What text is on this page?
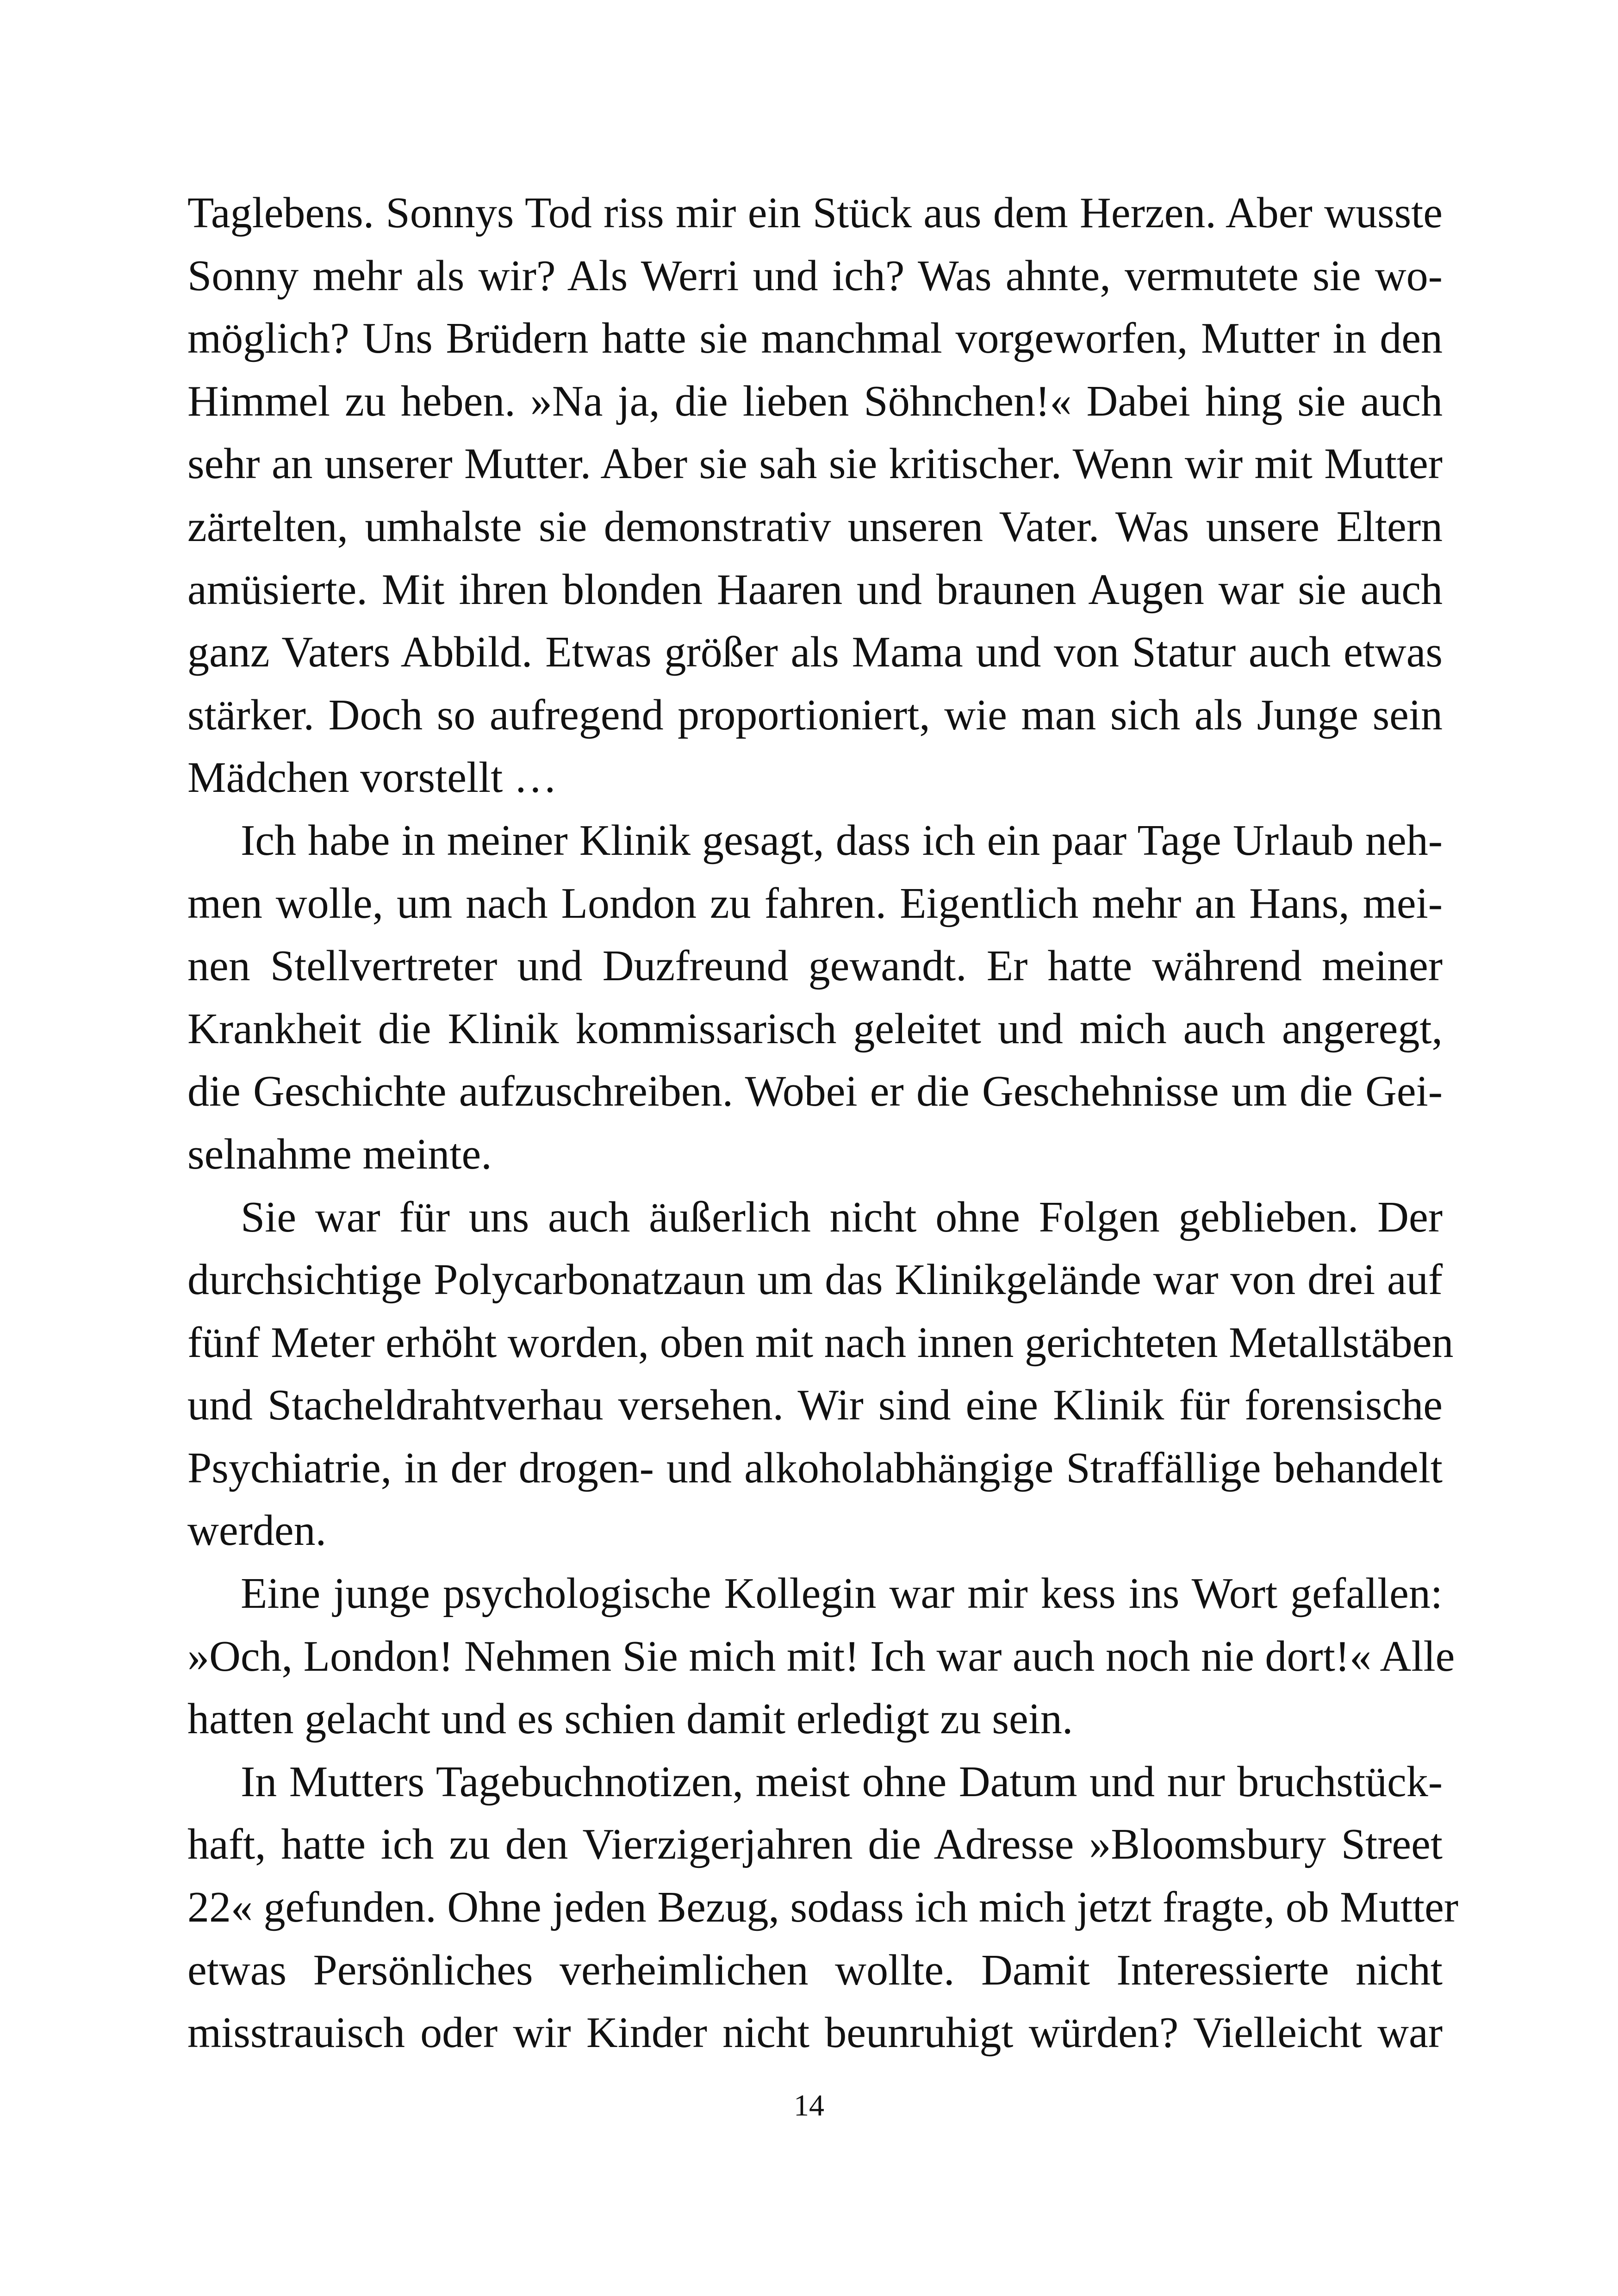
Taglebens. Sonnys Tod riss mir ein Stück aus dem Herzen. Aber wusste
Sonny mehr als wir? Als Werri und ich? Was ahnte, vermutete sie wo-
möglich? Uns Brüdern hatte sie manchmal vorgeworfen, Mutter in den
Himmel zu heben. »Na ja, die lieben Söhnchen!« Dabei hing sie auch
sehr an unserer Mutter. Aber sie sah sie kritischer. Wenn wir mit Mutter
zärtelten, umhalste sie demonstrativ unseren Vater. Was unsere Eltern
amüsierte. Mit ihren blonden Haaren und braunen Augen war sie auch
ganz Vaters Abbild. Etwas größer als Mama und von Statur auch etwas
stärker. Doch so aufregend proportioniert, wie man sich als Junge sein
Mädchen vorstellt …
Ich habe in meiner Klinik gesagt, dass ich ein paar Tage Urlaub neh-
men wolle, um nach London zu fahren. Eigentlich mehr an Hans, mei-
nen Stellvertreter und Duzfreund gewandt. Er hatte während meiner
Krankheit die Klinik kommissarisch geleitet und mich auch angeregt,
die Geschichte aufzuschreiben. Wobei er die Geschehnisse um die Gei-
selnahme meinte.
Sie war für uns auch äußerlich nicht ohne Folgen geblieben. Der
durchsichtige Polycarbonatzaun um das Klinikgelände war von drei auf
fünf Meter erhöht worden, oben mit nach innen gerichteten Metallstäben
und Stacheldrahtverhau versehen. Wir sind eine Klinik für forensische
Psychiatrie, in der drogen- und alkoholabhängige Straffällige behandelt
werden.
Eine junge psychologische Kollegin war mir kess ins Wort gefallen:
»Och, London! Nehmen Sie mich mit! Ich war auch noch nie dort!« Alle
hatten gelacht und es schien damit erledigt zu sein.
In Mutters Tagebuchnotizen, meist ohne Datum und nur bruchstück-
haft, hatte ich zu den Vierzigerjahren die Adresse »Bloomsbury Street
22« gefunden. Ohne jeden Bezug, sodass ich mich jetzt fragte, ob Mutter
etwas Persönliches verheimlichen wollte. Damit Interessierte nicht
misstrauisch oder wir Kinder nicht beunruhigt würden? Vielleicht war
14
